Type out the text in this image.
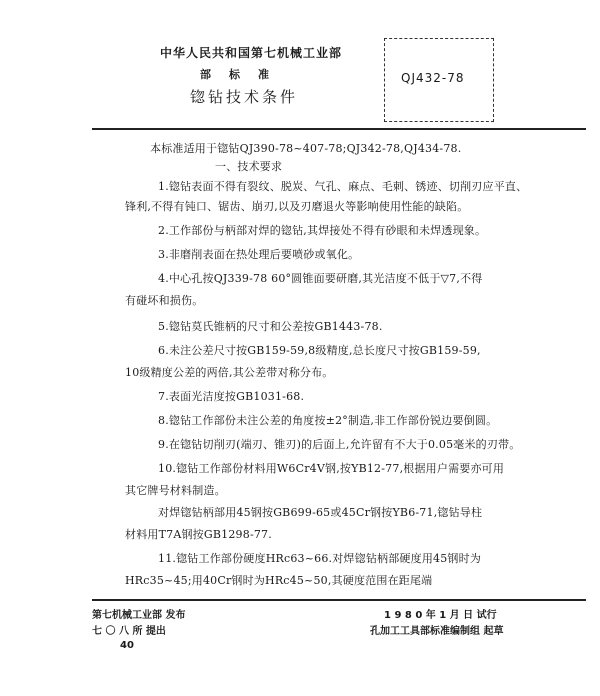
中华人民共和国第七机械工业部
部 标 准
锪钻技术条件
QJ432-78
本标准适用于锪钻QJ390-78~407-78;QJ342-78,QJ434-78.
一、技术要求
1.锪钻表面不得有裂纹、脱炭、气孔、麻点、毛刺、锈迹、切削刃应平直、
锋利,不得有钝口、锯齿、崩刃,以及刃磨退火等影响使用性能的缺陷。
2.工作部份与柄部对焊的锪钻,其焊接处不得有砂眼和未焊透现象。
3.非磨削表面在热处理后要喷砂或氧化。
4.中心孔按QJ339-78 60°圆锥面要研磨,其光洁度不低于▽7,不得
有碰坏和损伤。
5.锪钻莫氏锥柄的尺寸和公差按GB1443-78.
6.未注公差尺寸按GB159-59,8级精度,总长度尺寸按GB159-59,
10级精度公差的两倍,其公差带对称分布。
7.表面光洁度按GB1031-68.
8.锪钻工作部份未注公差的角度按±2°制造,非工作部份锐边要倒圆。
9.在锪钻切削刃(端刃、锥刃)的后面上,允许留有不大于0.05毫米的刃带。
10.锪钻工作部份材料用W6Cr4V钢,按YB12-77,根据用户需要亦可用
其它牌号材料制造。
对焊锪钻柄部用45钢按GB699-65或45Cr钢按YB6-71,锪钻导柱
材料用T7A钢按GB1298-77.
11.锪钻工作部份硬度HRc63~66.对焊锪钻柄部硬度用45钢时为
HRc35~45;用40Cr钢时为HRc45~50,其硬度范围在距尾端
第七机械工业部 发布
七 〇 八 所 提出
40
1 9 8 0 年 1 月 日 试行
孔加工工具部标准编制组 起草
